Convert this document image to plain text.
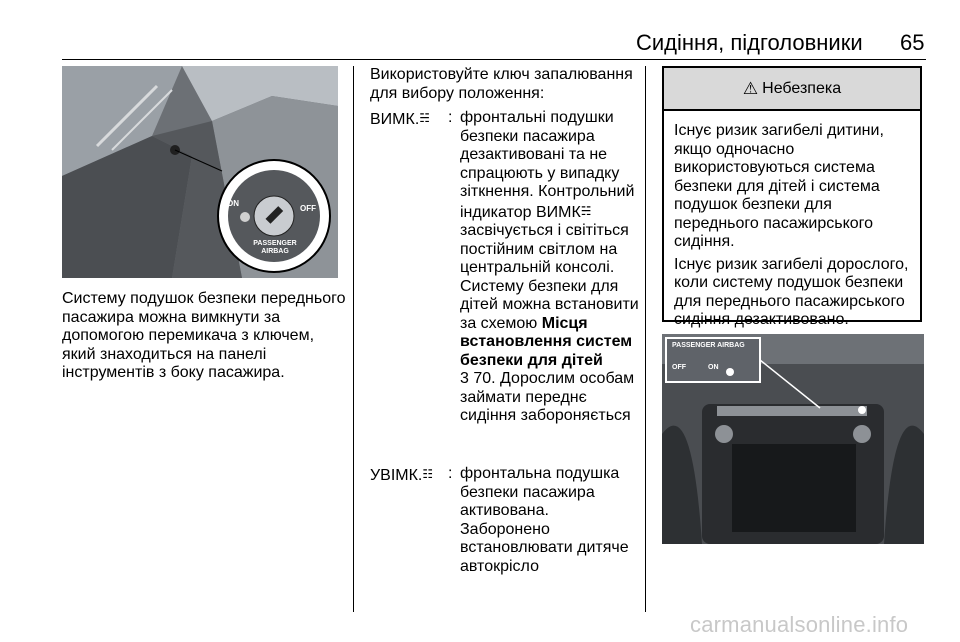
Сидіння, підголовники 65
ON
OFF
PASSENGER AIRBAG
Систему подушок безпеки переднього пасажира можна вимкнути за допомогою перемикача з ключем, який знаходиться на панелі інструментів з боку пасажира.
Використовуйте ключ запалювання для вибору положення:
ВИМК.☵ : фронтальні подушки безпеки пасажира дезактивовані та не спрацюють у випадку зіткнення. Контрольний індикатор ВИМК☵ засвічується і світіться постійним світлом на центральній консолі. Систему безпеки для дітей можна встановити за схемою Місця встановлення систем безпеки для дітей
3 70. Дорослим особам займати переднє сидіння забороняється
УВІМК.☷ : фронтальна подушка безпеки пасажира активована. Заборонено встановлювати дитяче автокрісло
⚠ Небезпека
Існує ризик загибелі дитини, якщо одночасно використовуються система безпеки для дітей і система подушок безпеки для переднього пасажирського сидіння.
Існує ризик загибелі дорослого, коли систему подушок безпеки для переднього пасажирського сидіння дезактивовано.
PASSENGER AIRBAG
OFF	ON
carmanualsonline.info
